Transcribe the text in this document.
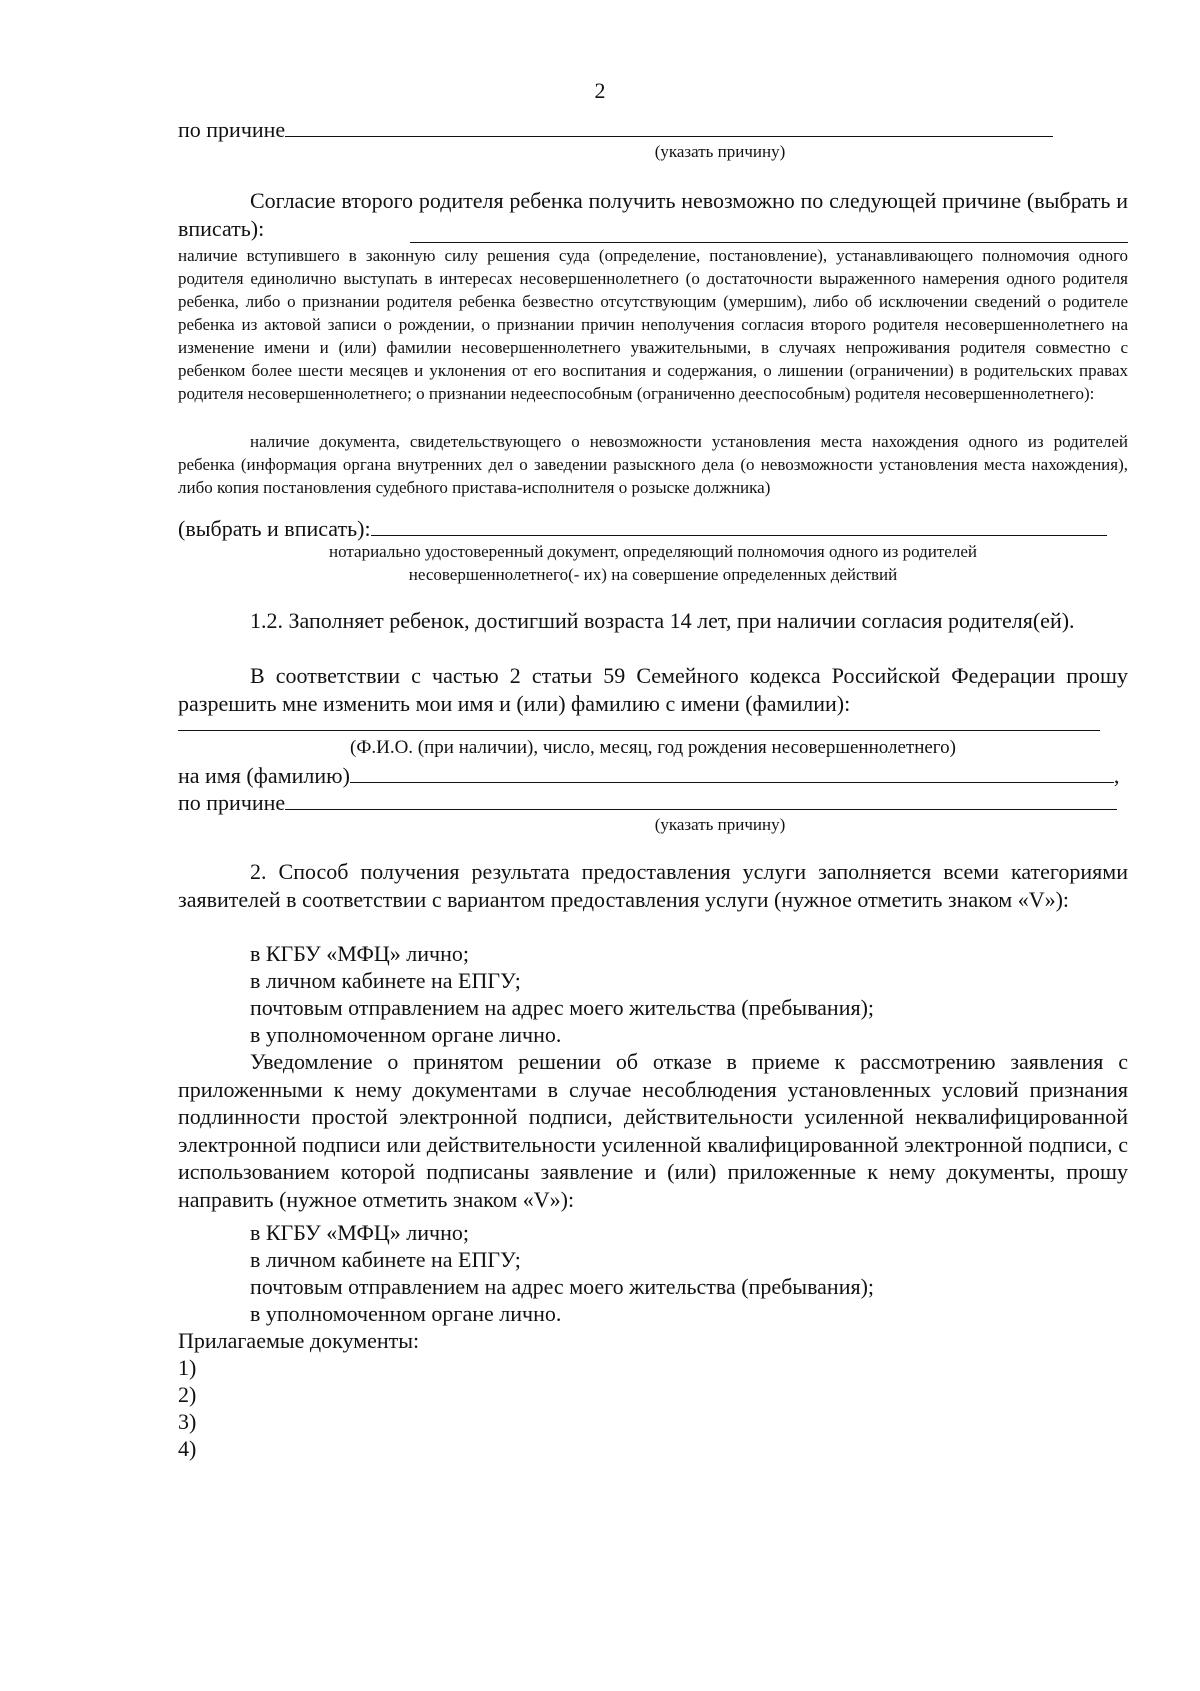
2
по причине
(указать причину)
Согласие второго родителя ребенка получить невозможно по следующей причине (выбрать и вписать):
наличие вступившего в законную силу решения суда (определение, постановление), устанавливающего полномочия одного родителя единолично выступать в интересах несовершеннолетнего (о достаточности выраженного намерения одного родителя ребенка, либо о признании родителя ребенка безвестно отсутствующим (умершим), либо об исключении сведений о родителе ребенка из актовой записи о рождении, о признании причин неполучения согласия второго родителя несовершеннолетнего на изменение имени и (или) фамилии несовершеннолетнего уважительными, в случаях непроживания родителя совместно с ребенком более шести месяцев и уклонения от его воспитания и содержания, о лишении (ограничении) в родительских правах родителя несовершеннолетнего; о признании недееспособным (ограниченно дееспособным) родителя несовершеннолетнего):
наличие документа, свидетельствующего о невозможности установления места нахождения одного из родителей ребенка (информация органа внутренних дел о заведении разыскного дела (о невозможности установления места нахождения), либо копия постановления судебного пристава-исполнителя о розыске должника)
(выбрать и вписать):
нотариально удостоверенный документ, определяющий полномочия одного из родителей
несовершеннолетнего(- их) на совершение определенных действий
1.2. Заполняет ребенок, достигший возраста 14 лет, при наличии согласия родителя(ей).
В соответствии с частью 2 статьи 59 Семейного кодекса Российской Федерации прошу разрешить мне изменить мои имя и (или) фамилию с имени (фамилии):
(Ф.И.О. (при наличии), число, месяц, год рождения несовершеннолетнего)
на имя (фамилию)	,
по причине
(указать причину)
2. Способ получения результата предоставления услуги заполняется всеми категориями заявителей в соответствии с вариантом предоставления услуги (нужное отметить знаком «V»):
в КГБУ «МФЦ» лично;
в личном кабинете на ЕПГУ;
почтовым отправлением на адрес моего жительства (пребывания);
в уполномоченном органе лично.
Уведомление о принятом решении об отказе в приеме к рассмотрению заявления с приложенными к нему документами в случае несоблюдения установленных условий признания подлинности простой электронной подписи, действительности усиленной неквалифицированной электронной подписи или действительности усиленной квалифицированной электронной подписи, с использованием которой подписаны заявление и (или) приложенные к нему документы, прошу направить (нужное отметить знаком «V»):
в КГБУ «МФЦ» лично;
в личном кабинете на ЕПГУ;
почтовым отправлением на адрес моего жительства (пребывания);
в уполномоченном органе лично.
Прилагаемые документы:
1)
2)
3)
4)
